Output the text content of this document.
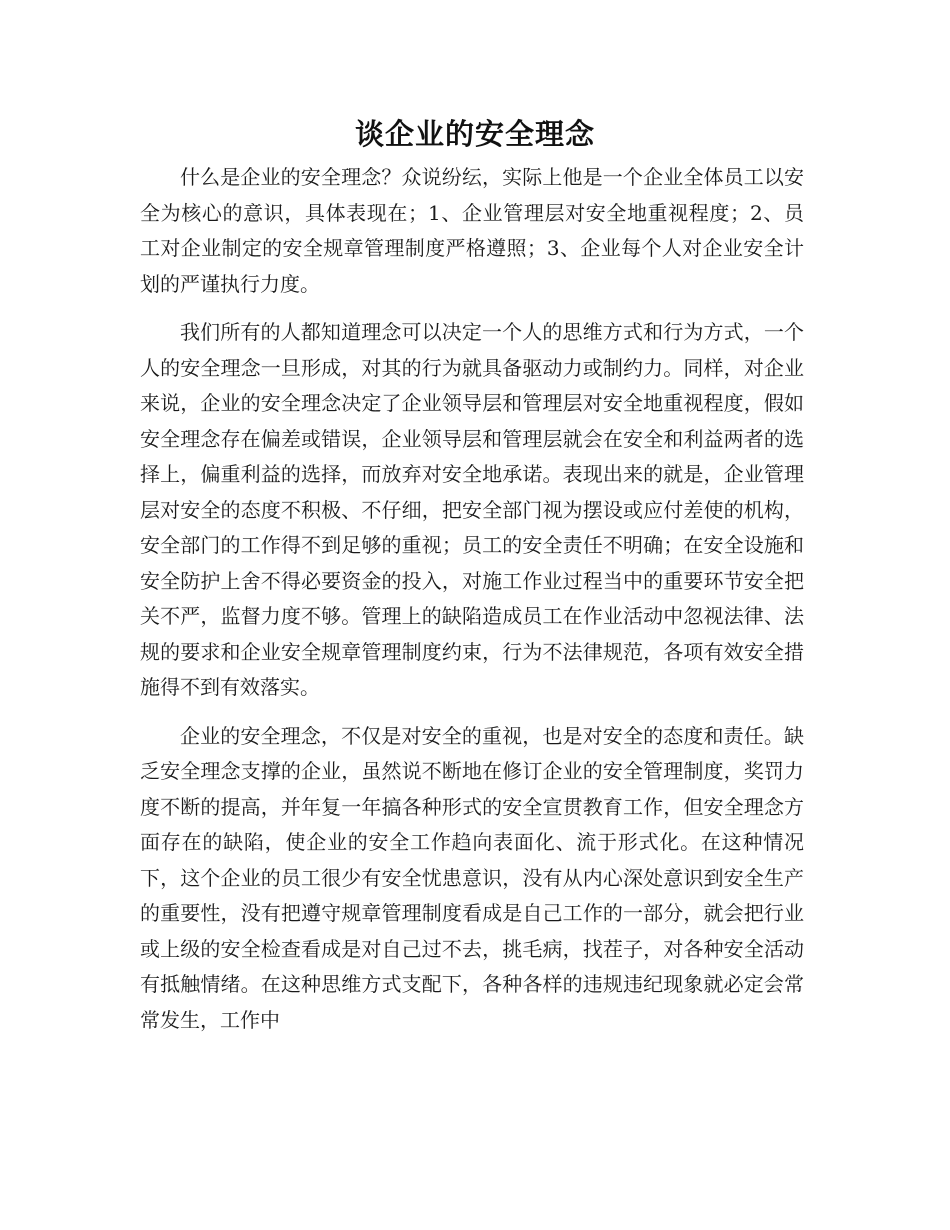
谈企业的安全理念

什么是企业的安全理念？众说纷纭，实际上他是一个企业全体员工以安全为核心的意识，具体表现在；1、企业管理层对安全地重视程度；2、员工对企业制定的安全规章管理制度严格遵照；3、企业每个人对企业安全计划的严谨执行力度。

我们所有的人都知道理念可以决定一个人的思维方式和行为方式，一个人的安全理念一旦形成，对其的行为就具备驱动力或制约力。同样，对企业来说，企业的安全理念决定了企业领导层和管理层对安全地重视程度，假如安全理念存在偏差或错误，企业领导层和管理层就会在安全和利益两者的选择上，偏重利益的选择，而放弃对安全地承诺。表现出来的就是，企业管理层对安全的态度不积极、不仔细，把安全部门视为摆设或应付差使的机构，安全部门的工作得不到足够的重视；员工的安全责任不明确；在安全设施和安全防护上舍不得必要资金的投入，对施工作业过程当中的重要环节安全把关不严，监督力度不够。管理上的缺陷造成员工在作业活动中忽视法律、法规的要求和企业安全规章管理制度约束，行为不法律规范，各项有效安全措施得不到有效落实。

企业的安全理念，不仅是对安全的重视，也是对安全的态度和责任。缺乏安全理念支撑的企业，虽然说不断地在修订企业的安全管理制度，奖罚力度不断的提高，并年复一年搞各种形式的安全宣贯教育工作，但安全理念方面存在的缺陷，使企业的安全工作趋向表面化、流于形式化。在这种情况下，这个企业的员工很少有安全忧患意识，没有从内心深处意识到安全生产的重要性，没有把遵守规章管理制度看成是自己工作的一部分，就会把行业或上级的安全检查看成是对自己过不去，挑毛病，找茬子，对各种安全活动有抵触情绪。在这种思维方式支配下，各种各样的违规违纪现象就必定会常常发生，工作中
